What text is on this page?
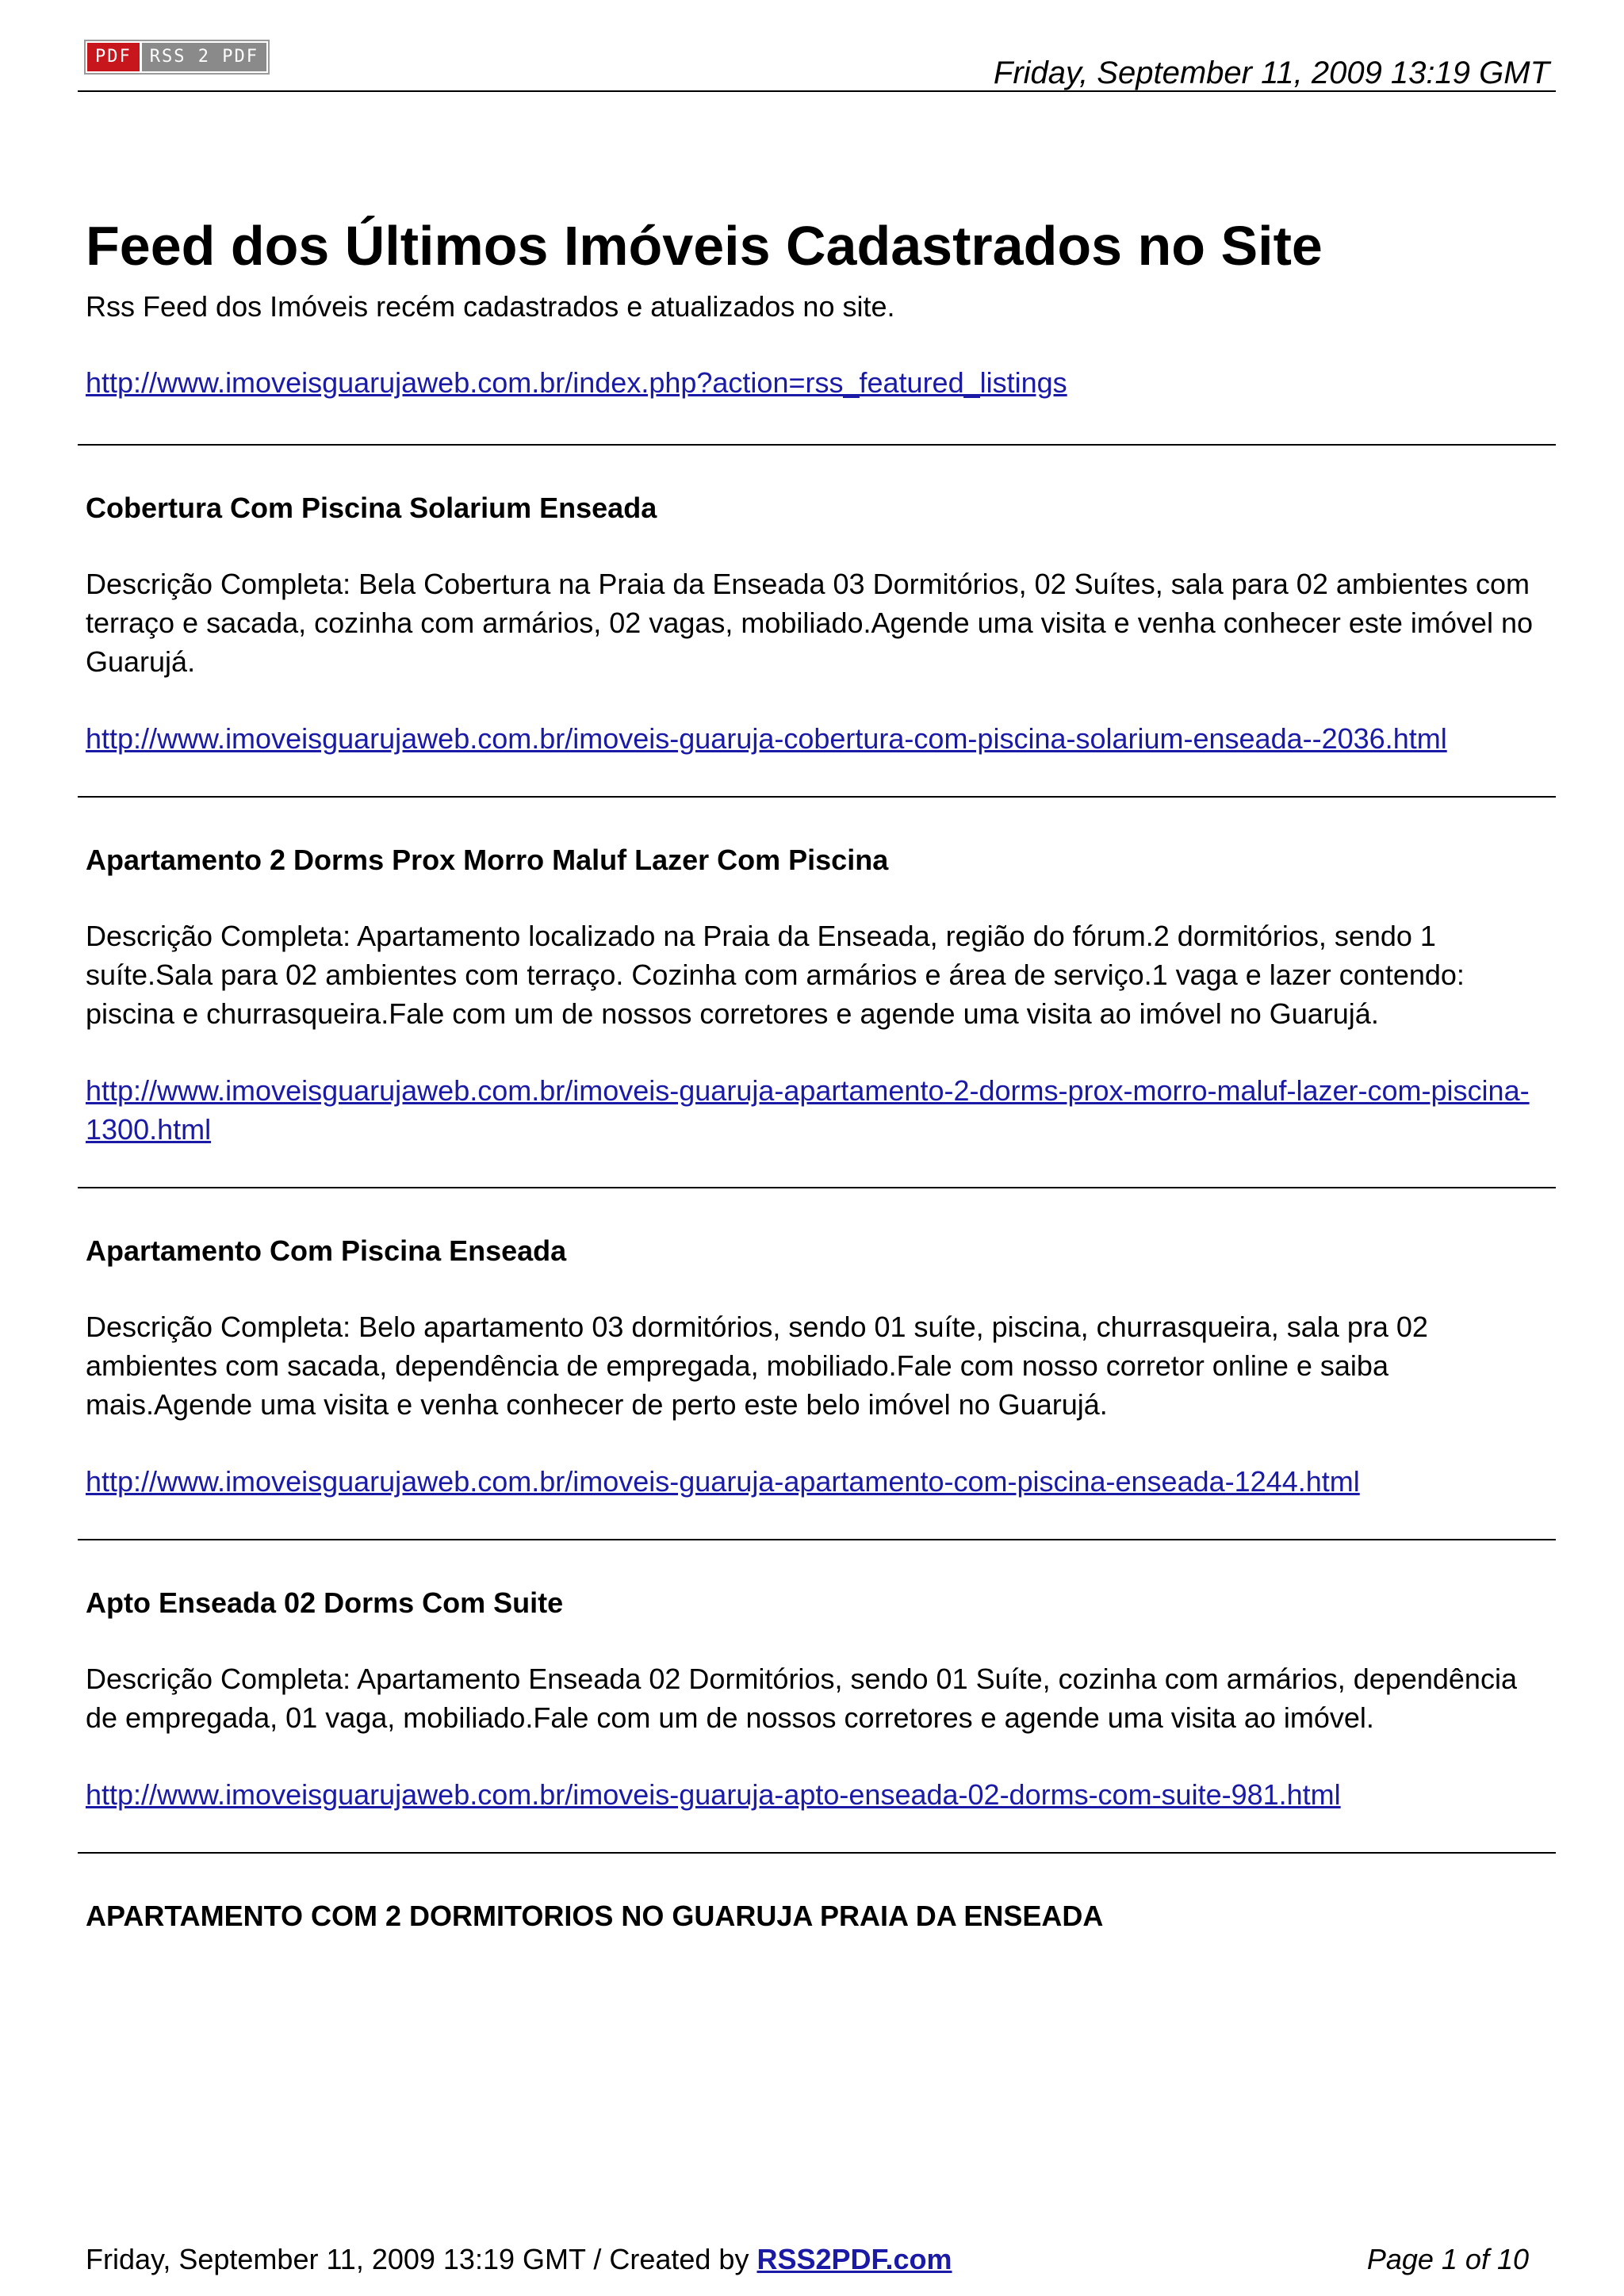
PDF	RSS 2 PDF	Friday, September 11, 2009 13:19 GMT
Feed dos Últimos Imóveis Cadastrados no Site

Rss Feed dos Imóveis recém cadastrados e atualizados no site.

http://www.imoveisguarujaweb.com.br/index.php?action=rss_featured_listings

Cobertura Com Piscina Solarium Enseada

Descrição Completa: Bela Cobertura na Praia da Enseada 03 Dormitórios, 02 Suítes, sala para 02 ambientes com terraço e sacada, cozinha com armários, 02 vagas, mobiliado.Agende uma visita e venha conhecer este imóvel no Guarujá.

http://www.imoveisguarujaweb.com.br/imoveis-guaruja-cobertura-com-piscina-solarium-enseada--2036.html

Apartamento 2 Dorms Prox Morro Maluf Lazer Com Piscina

Descrição Completa: Apartamento localizado na Praia da Enseada, região do fórum.2 dormitórios, sendo 1 suíte.Sala para 02 ambientes com terraço. Cozinha com armários e área de serviço.1 vaga e lazer contendo: piscina e churrasqueira.Fale com um de nossos corretores e agende uma visita ao imóvel no Guarujá.

http://www.imoveisguarujaweb.com.br/imoveis-guaruja-apartamento-2-dorms-prox-morro-maluf-lazer-com-piscina-1300.html

Apartamento Com Piscina Enseada

Descrição Completa: Belo apartamento 03 dormitórios, sendo 01 suíte, piscina, churrasqueira, sala pra 02 ambientes com sacada, dependência de empregada, mobiliado.Fale com nosso corretor online e saiba mais.Agende uma visita e venha conhecer de perto este belo imóvel no Guarujá.

http://www.imoveisguarujaweb.com.br/imoveis-guaruja-apartamento-com-piscina-enseada-1244.html

Apto Enseada 02 Dorms Com Suite

Descrição Completa: Apartamento Enseada 02 Dormitórios, sendo 01 Suíte, cozinha com armários, dependência de empregada, 01 vaga, mobiliado.Fale com um de nossos corretores e agende uma visita ao imóvel.

http://www.imoveisguarujaweb.com.br/imoveis-guaruja-apto-enseada-02-dorms-com-suite-981.html

APARTAMENTO COM 2 DORMITORIOS NO GUARUJA PRAIA DA ENSEADA

Friday, September 11, 2009 13:19 GMT / Created by RSS2PDF.com	Page 1 of 10
